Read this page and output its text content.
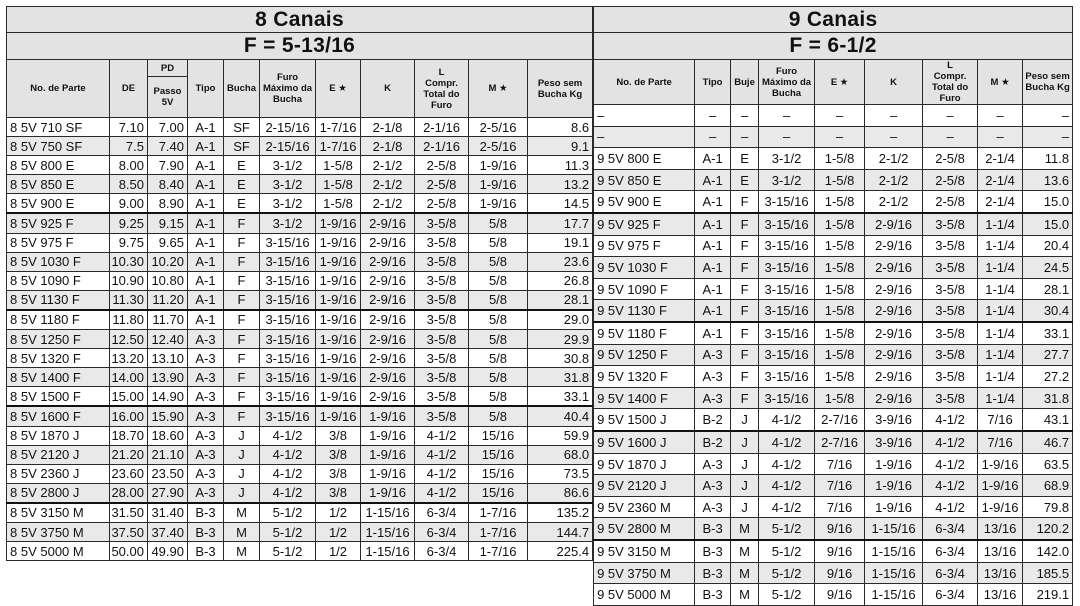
8 Canais										
F = 5-13/16										
No. de Parte	DE	PD	Tipo	Bucha	Furo Máximo da Bucha	E ★	K	L
Compr. Total do Furo	M ★	Peso sem Bucha Kg
		Passo 5V								
8 5V 710 SF	7.10	7.00	A-1	SF	2-15/16	1-7/16	2-1/8	2-1/16	2-5/16	8.6
8 5V 750 SF	7.5	7.40	A-1	SF	2-15/16	1-7/16	2-1/8	2-1/16	2-5/16	9.1
8 5V 800 E	8.00	7.90	A-1	E	3-1/2	1-5/8	2-1/2	2-5/8	1-9/16	11.3
8 5V 850 E	8.50	8.40	A-1	E	3-1/2	1-5/8	2-1/2	2-5/8	1-9/16	13.2
8 5V 900 E	9.00	8.90	A-1	E	3-1/2	1-5/8	2-1/2	2-5/8	1-9/16	14.5
8 5V 925 F	9.25	9.15	A-1	F	3-1/2	1-9/16	2-9/16	3-5/8	5/8	17.7
8 5V 975 F	9.75	9.65	A-1	F	3-15/16	1-9/16	2-9/16	3-5/8	5/8	19.1
8 5V 1030 F	10.30	10.20	A-1	F	3-15/16	1-9/16	2-9/16	3-5/8	5/8	23.6
8 5V 1090 F	10.90	10.80	A-1	F	3-15/16	1-9/16	2-9/16	3-5/8	5/8	26.8
8 5V 1130 F	11.30	11.20	A-1	F	3-15/16	1-9/16	2-9/16	3-5/8	5/8	28.1
8 5V 1180 F	11.80	11.70	A-1	F	3-15/16	1-9/16	2-9/16	3-5/8	5/8	29.0
8 5V 1250 F	12.50	12.40	A-3	F	3-15/16	1-9/16	2-9/16	3-5/8	5/8	29.9
8 5V 1320 F	13.20	13.10	A-3	F	3-15/16	1-9/16	2-9/16	3-5/8	5/8	30.8
8 5V 1400 F	14.00	13.90	A-3	F	3-15/16	1-9/16	2-9/16	3-5/8	5/8	31.8
8 5V 1500 F	15.00	14.90	A-3	F	3-15/16	1-9/16	2-9/16	3-5/8	5/8	33.1
8 5V 1600 F	16.00	15.90	A-3	F	3-15/16	1-9/16	1-9/16	3-5/8	5/8	40.4
8 5V 1870 J	18.70	18.60	A-3	J	4-1/2	3/8	1-9/16	4-1/2	15/16	59.9
8 5V 2120 J	21.20	21.10	A-3	J	4-1/2	3/8	1-9/16	4-1/2	15/16	68.0
8 5V 2360 J	23.60	23.50	A-3	J	4-1/2	3/8	1-9/16	4-1/2	15/16	73.5
8 5V 2800 J	28.00	27.90	A-3	J	4-1/2	3/8	1-9/16	4-1/2	15/16	86.6
8 5V 3150 M	31.50	31.40	B-3	M	5-1/2	1/2	1-15/16	6-3/4	1-7/16	135.2
8 5V 3750 M	37.50	37.40	B-3	M	5-1/2	1/2	1-15/16	6-3/4	1-7/16	144.7
8 5V 5000 M	50.00	49.90	B-3	M	5-1/2	1/2	1-15/16	6-3/4	1-7/16	225.4
9 Canais								
F = 6-1/2								
No. de Parte	Tipo	Buje	Furo Máximo da Bucha	E ★	K	L
Compr. Total do Furo	M ★	Peso sem Bucha Kg

–	–	–	–	–	–	–	–	–
–	–	–	–	–	–	–	–	–
9 5V 800 E	A-1	E	3-1/2	1-5/8	2-1/2	2-5/8	2-1/4	11.8
9 5V 850 E	A-1	E	3-1/2	1-5/8	2-1/2	2-5/8	2-1/4	13.6
9 5V 900 E	A-1	F	3-15/16	1-5/8	2-1/2	2-5/8	2-1/4	15.0
9 5V 925 F	A-1	F	3-15/16	1-5/8	2-9/16	3-5/8	1-1/4	15.0
9 5V 975 F	A-1	F	3-15/16	1-5/8	2-9/16	3-5/8	1-1/4	20.4
9 5V 1030 F	A-1	F	3-15/16	1-5/8	2-9/16	3-5/8	1-1/4	24.5
9 5V 1090 F	A-1	F	3-15/16	1-5/8	2-9/16	3-5/8	1-1/4	28.1
9 5V 1130 F	A-1	F	3-15/16	1-5/8	2-9/16	3-5/8	1-1/4	30.4
9 5V 1180 F	A-1	F	3-15/16	1-5/8	2-9/16	3-5/8	1-1/4	33.1
9 5V 1250 F	A-3	F	3-15/16	1-5/8	2-9/16	3-5/8	1-1/4	27.7
9 5V 1320 F	A-3	F	3-15/16	1-5/8	2-9/16	3-5/8	1-1/4	27.2
9 5V 1400 F	A-3	F	3-15/16	1-5/8	2-9/16	3-5/8	1-1/4	31.8
9 5V 1500 J	B-2	J	4-1/2	2-7/16	3-9/16	4-1/2	7/16	43.1
9 5V 1600 J	B-2	J	4-1/2	2-7/16	3-9/16	4-1/2	7/16	46.7
9 5V 1870 J	A-3	J	4-1/2	7/16	1-9/16	4-1/2	1-9/16	63.5
9 5V 2120 J	A-3	J	4-1/2	7/16	1-9/16	4-1/2	1-9/16	68.9
9 5V 2360 M	A-3	J	4-1/2	7/16	1-9/16	4-1/2	1-9/16	79.8
9 5V 2800 M	B-3	M	5-1/2	9/16	1-15/16	6-3/4	13/16	120.2
9 5V 3150 M	B-3	M	5-1/2	9/16	1-15/16	6-3/4	13/16	142.0
9 5V 3750 M	B-3	M	5-1/2	9/16	1-15/16	6-3/4	13/16	185.5
9 5V 5000 M	B-3	M	5-1/2	9/16	1-15/16	6-3/4	13/16	219.1
